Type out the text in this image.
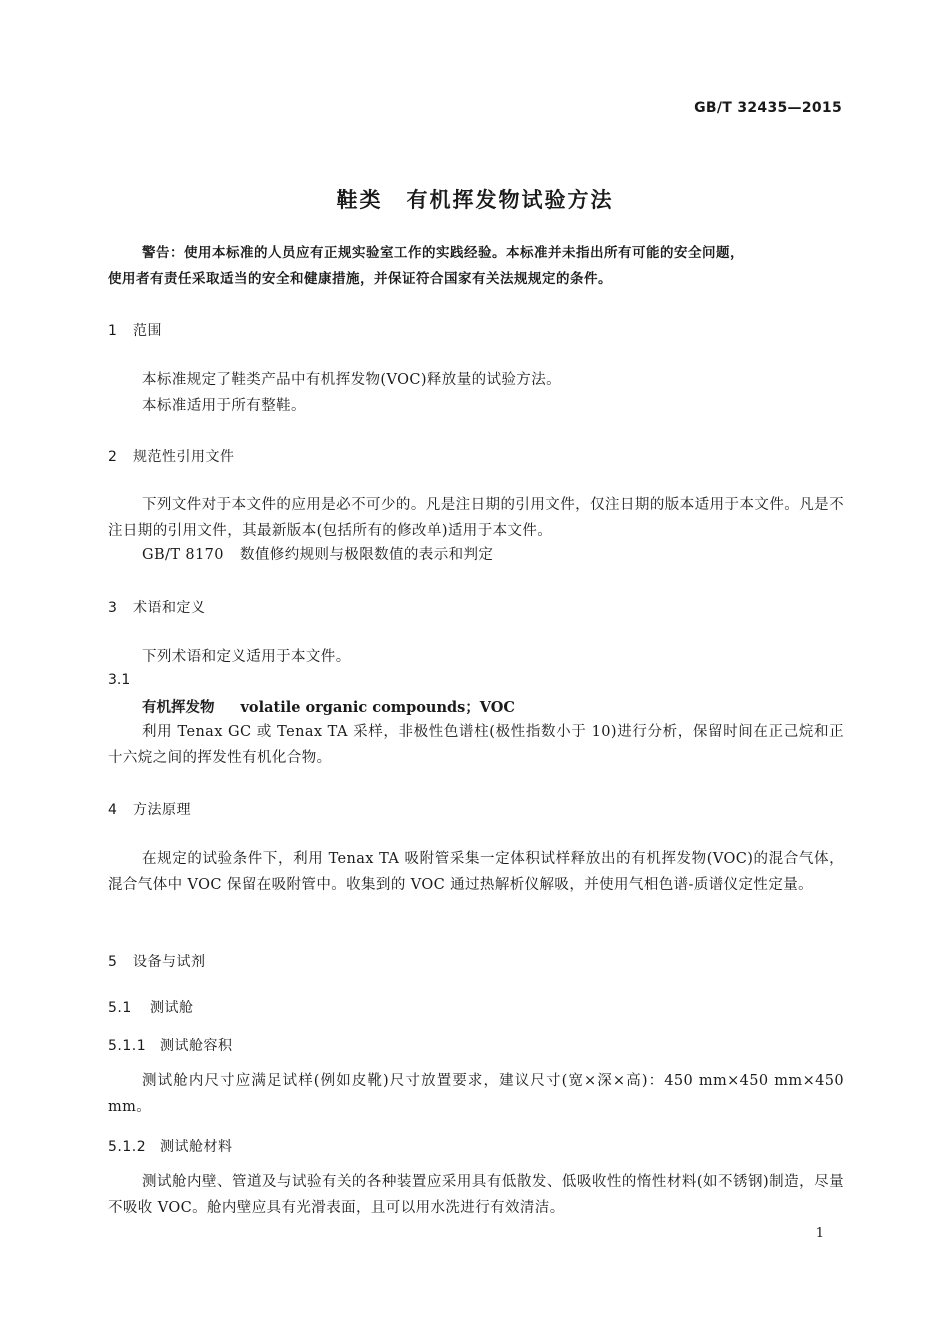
GB/T 32435—2015
鞋类 有机挥发物试验方法
警告：使用本标准的人员应有正规实验室工作的实践经验。本标准并未指出所有可能的安全问题，
使用者有责任采取适当的安全和健康措施，并保证符合国家有关法规规定的条件。
1 范围
本标准规定了鞋类产品中有机挥发物(VOC)释放量的试验方法。
本标准适用于所有整鞋。
2 规范性引用文件
下列文件对于本文件的应用是必不可少的。凡是注日期的引用文件，仅注日期的版本适用于本文件。凡是不注日期的引用文件，其最新版本(包括所有的修改单)适用于本文件。
GB/T 8170 数值修约规则与极限数值的表示和判定
3 术语和定义
下列术语和定义适用于本文件。
3.1
有机挥发物 volatile organic compounds；VOC
利用 Tenax GC 或 Tenax TA 采样，非极性色谱柱(极性指数小于 10)进行分析，保留时间在正己烷和正十六烷之间的挥发性有机化合物。
4 方法原理
在规定的试验条件下，利用 Tenax TA 吸附管采集一定体积试样释放出的有机挥发物(VOC)的混合气体，混合气体中 VOC 保留在吸附管中。收集到的 VOC 通过热解析仪解吸，并使用气相色谱-质谱仪定性定量。
5 设备与试剂
5.1 测试舱
5.1.1 测试舱容积
测试舱内尺寸应满足试样(例如皮靴)尺寸放置要求，建议尺寸(宽×深×高)：450 mm×450 mm×450 mm。
5.1.2 测试舱材料
测试舱内壁、管道及与试验有关的各种装置应采用具有低散发、低吸收性的惰性材料(如不锈钢)制造，尽量不吸收 VOC。舱内壁应具有光滑表面，且可以用水洗进行有效清洁。
1
